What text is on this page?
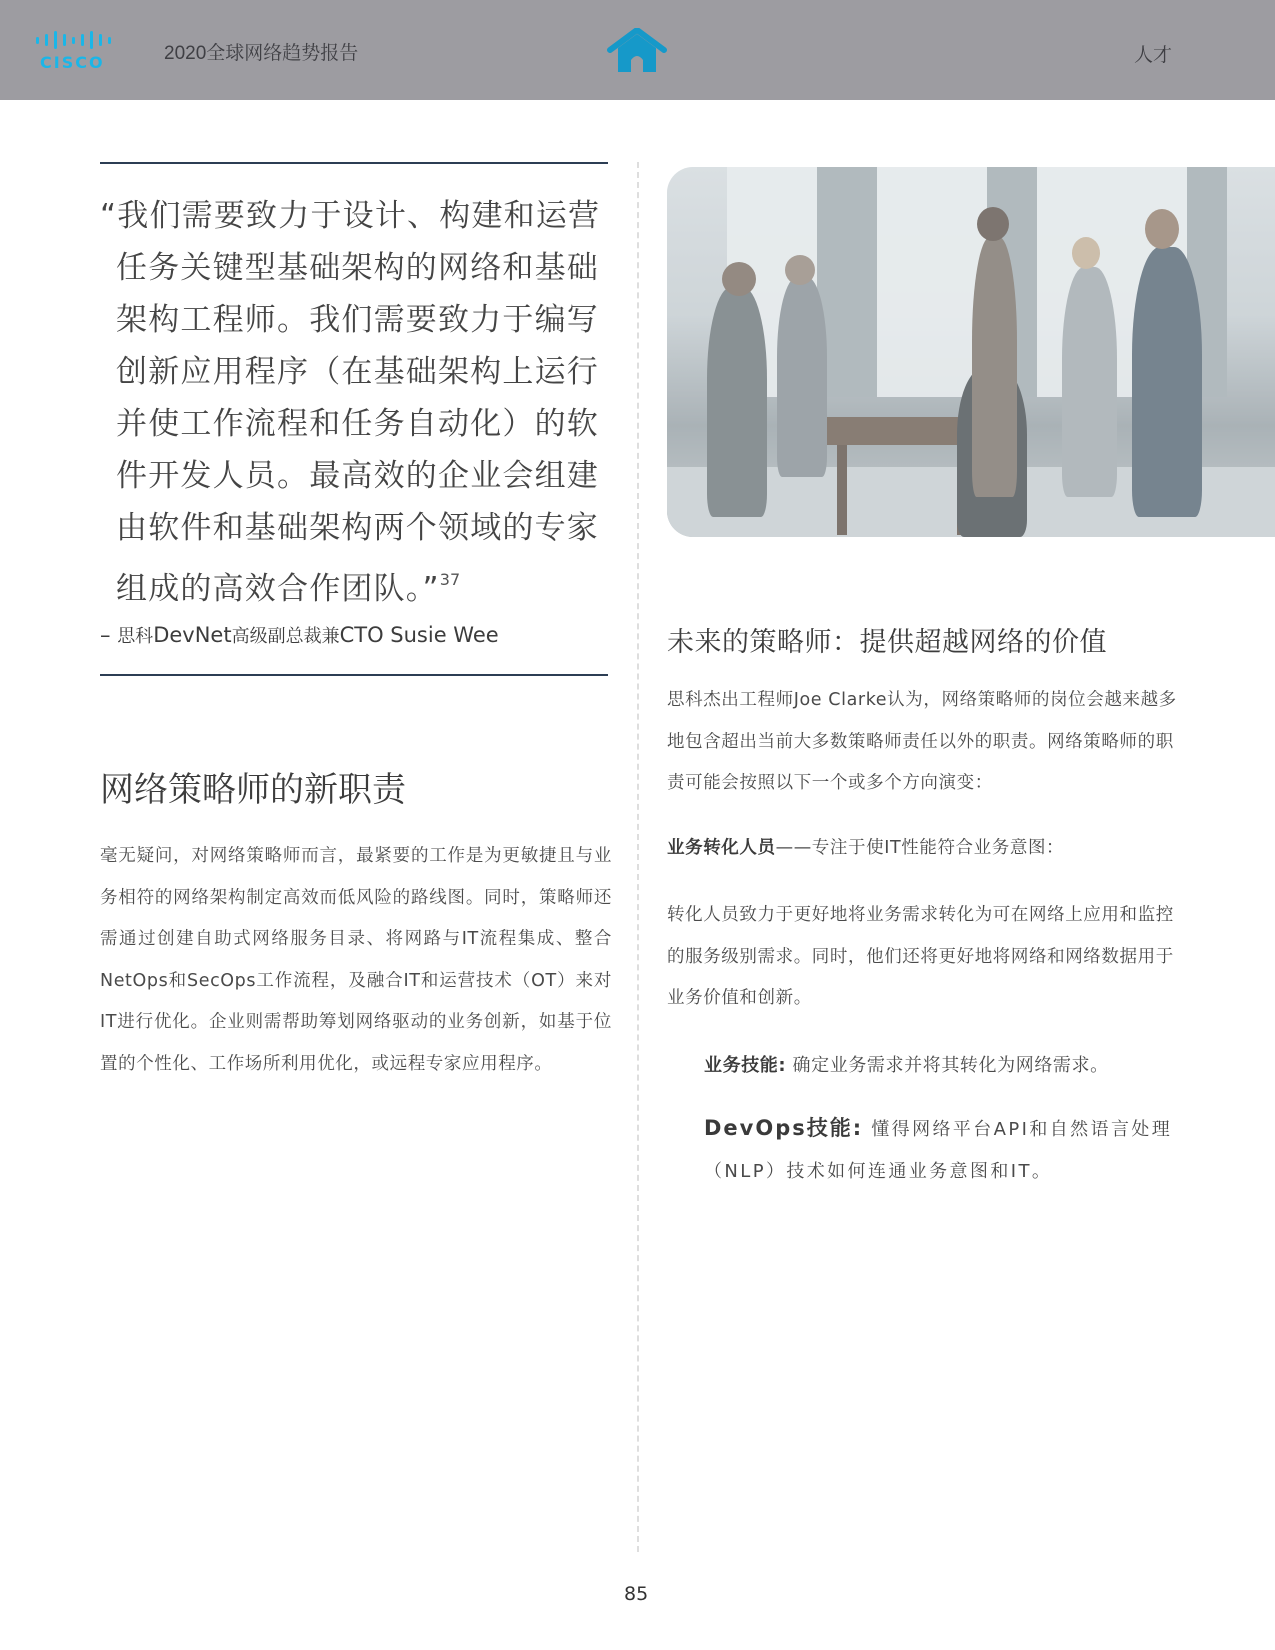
CISCO	2020全球网络趋势报告	人才
“我们需要致力于设计、构建和运营任务关键型基础架构的网络和基础架构工程师。我们需要致力于编写创新应用程序（在基础架构上运行并使工作流程和任务自动化）的软件开发人员。最高效的企业会组建由软件和基础架构两个领域的专家组成的高效合作团队。”$^{37}$
– 思科DevNet高级副总裁兼CTO Susie Wee
网络策略师的新职责

毫无疑问，对网络策略师而言，最紧要的工作是为更敏捷且与业务相符的网络架构制定高效而低风险的路线图。同时，策略师还需通过创建自助式网络服务目录、将网路与IT流程集成、整合NetOps和SecOps工作流程，及融合IT和运营技术（OT）来对IT进行优化。企业则需帮助筹划网络驱动的业务创新，如基于位置的个性化、工作场所利用优化，或远程专家应用程序。

未来的策略师：提供超越网络的价值

思科杰出工程师Joe Clarke认为，网络策略师的岗位会越来越多地包含超出当前大多数策略师责任以外的职责。网络策略师的职责可能会按照以下一个或多个方向演变：

业务转化人员——专注于使IT性能符合业务意图：

转化人员致力于更好地将业务需求转化为可在网络上应用和监控的服务级别需求。同时，他们还将更好地将网络和网络数据用于业务价值和创新。

业务技能: 确定业务需求并将其转化为网络需求。

DevOps技能: 懂得网络平台API和自然语言处理（NLP）技术如何连通业务意图和IT。

85
